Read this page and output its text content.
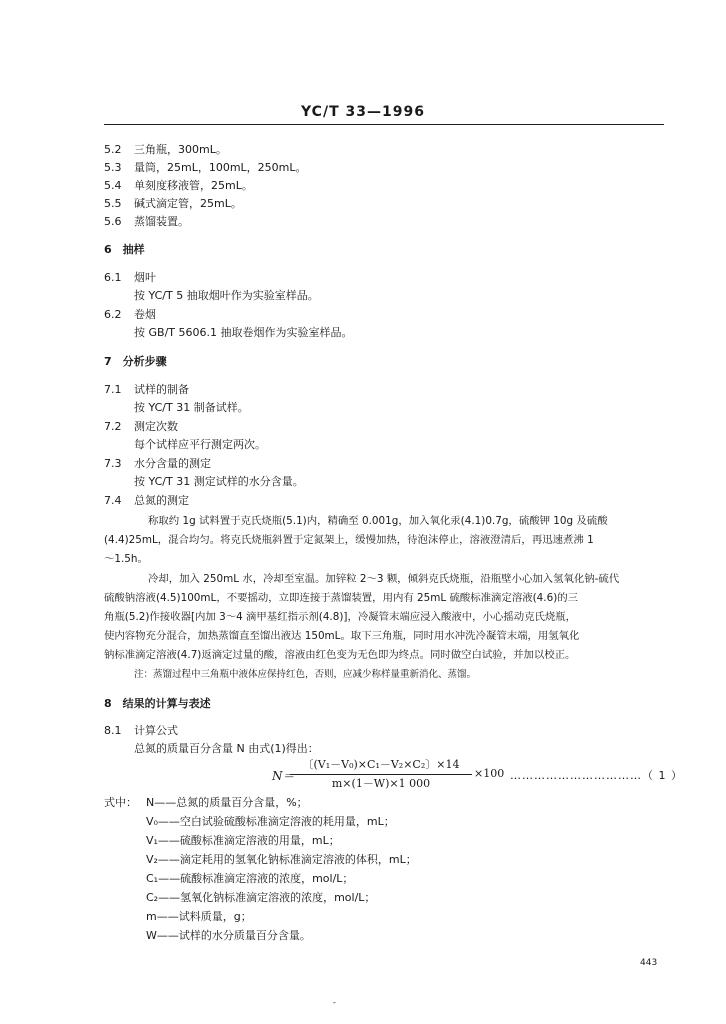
YC/T 33—1996
5.2 三角瓶，300mL。
5.3 量筒，25mL，100mL，250mL。
5.4 单刻度移液管，25mL。
5.5 碱式滴定管，25mL。
5.6 蒸馏装置。
6　抽样
6.1 烟叶
按 YC/T 5 抽取烟叶作为实验室样品。
6.2 卷烟
按 GB/T 5606.1 抽取卷烟作为实验室样品。
7　分析步骤
7.1 试样的制备
按 YC/T 31 制备试样。
7.2 测定次数
每个试样应平行测定两次。
7.3 水分含量的测定
按 YC/T 31 测定试样的水分含量。
7.4 总氮的测定
称取约 1g 试料置于克氏烧瓶(5.1)内，精确至 0.001g，加入氧化汞(4.1)0.7g，硫酸钾 10g 及硫酸
(4.4)25mL，混合均匀。将克氏烧瓶斜置于定氮架上，缓慢加热，待泡沫停止，溶液澄清后，再迅速煮沸 1
～1.5h。
冷却，加入 250mL 水，冷却至室温。加锌粒 2～3 颗，倾斜克氏烧瓶，沿瓶壁小心加入氢氧化钠-硫代
硫酸钠溶液(4.5)100mL，不要摇动，立即连接于蒸馏装置，用内有 25mL 硫酸标准滴定溶液(4.6)的三
角瓶(5.2)作接收器[内加 3～4 滴甲基红指示剂(4.8)]，冷凝管末端应浸入酸液中，小心摇动克氏烧瓶，
使内容物充分混合，加热蒸馏直至馏出液达 150mL。取下三角瓶，同时用水冲洗冷凝管末端，用氢氧化
钠标准滴定溶液(4.7)返滴定过量的酸，溶液由红色变为无色即为终点。同时做空白试验，并加以校正。
注：蒸馏过程中三角瓶中液体应保持红色，否则，应减少称样量重新消化、蒸馏。
8　结果的计算与表述
8.1 计算公式
总氮的质量百分含量 N 由式(1)得出：
N＝
〔(V₁－V₀)×C₁－V₂×C₂〕×14
m×(1－W)×1 000
×100 ……………………………（ 1 ）
式中： N——总氮的质量百分含量，%；
V₀——空白试验硫酸标准滴定溶液的耗用量，mL；
V₁——硫酸标准滴定溶液的用量，mL；
V₂——滴定耗用的氢氧化钠标准滴定溶液的体积，mL；
C₁——硫酸标准滴定溶液的浓度，mol/L；
C₂——氢氧化钠标准滴定溶液的浓度，mol/L；
m——试料质量，g；
W——试样的水分质量百分含量。
443
-
